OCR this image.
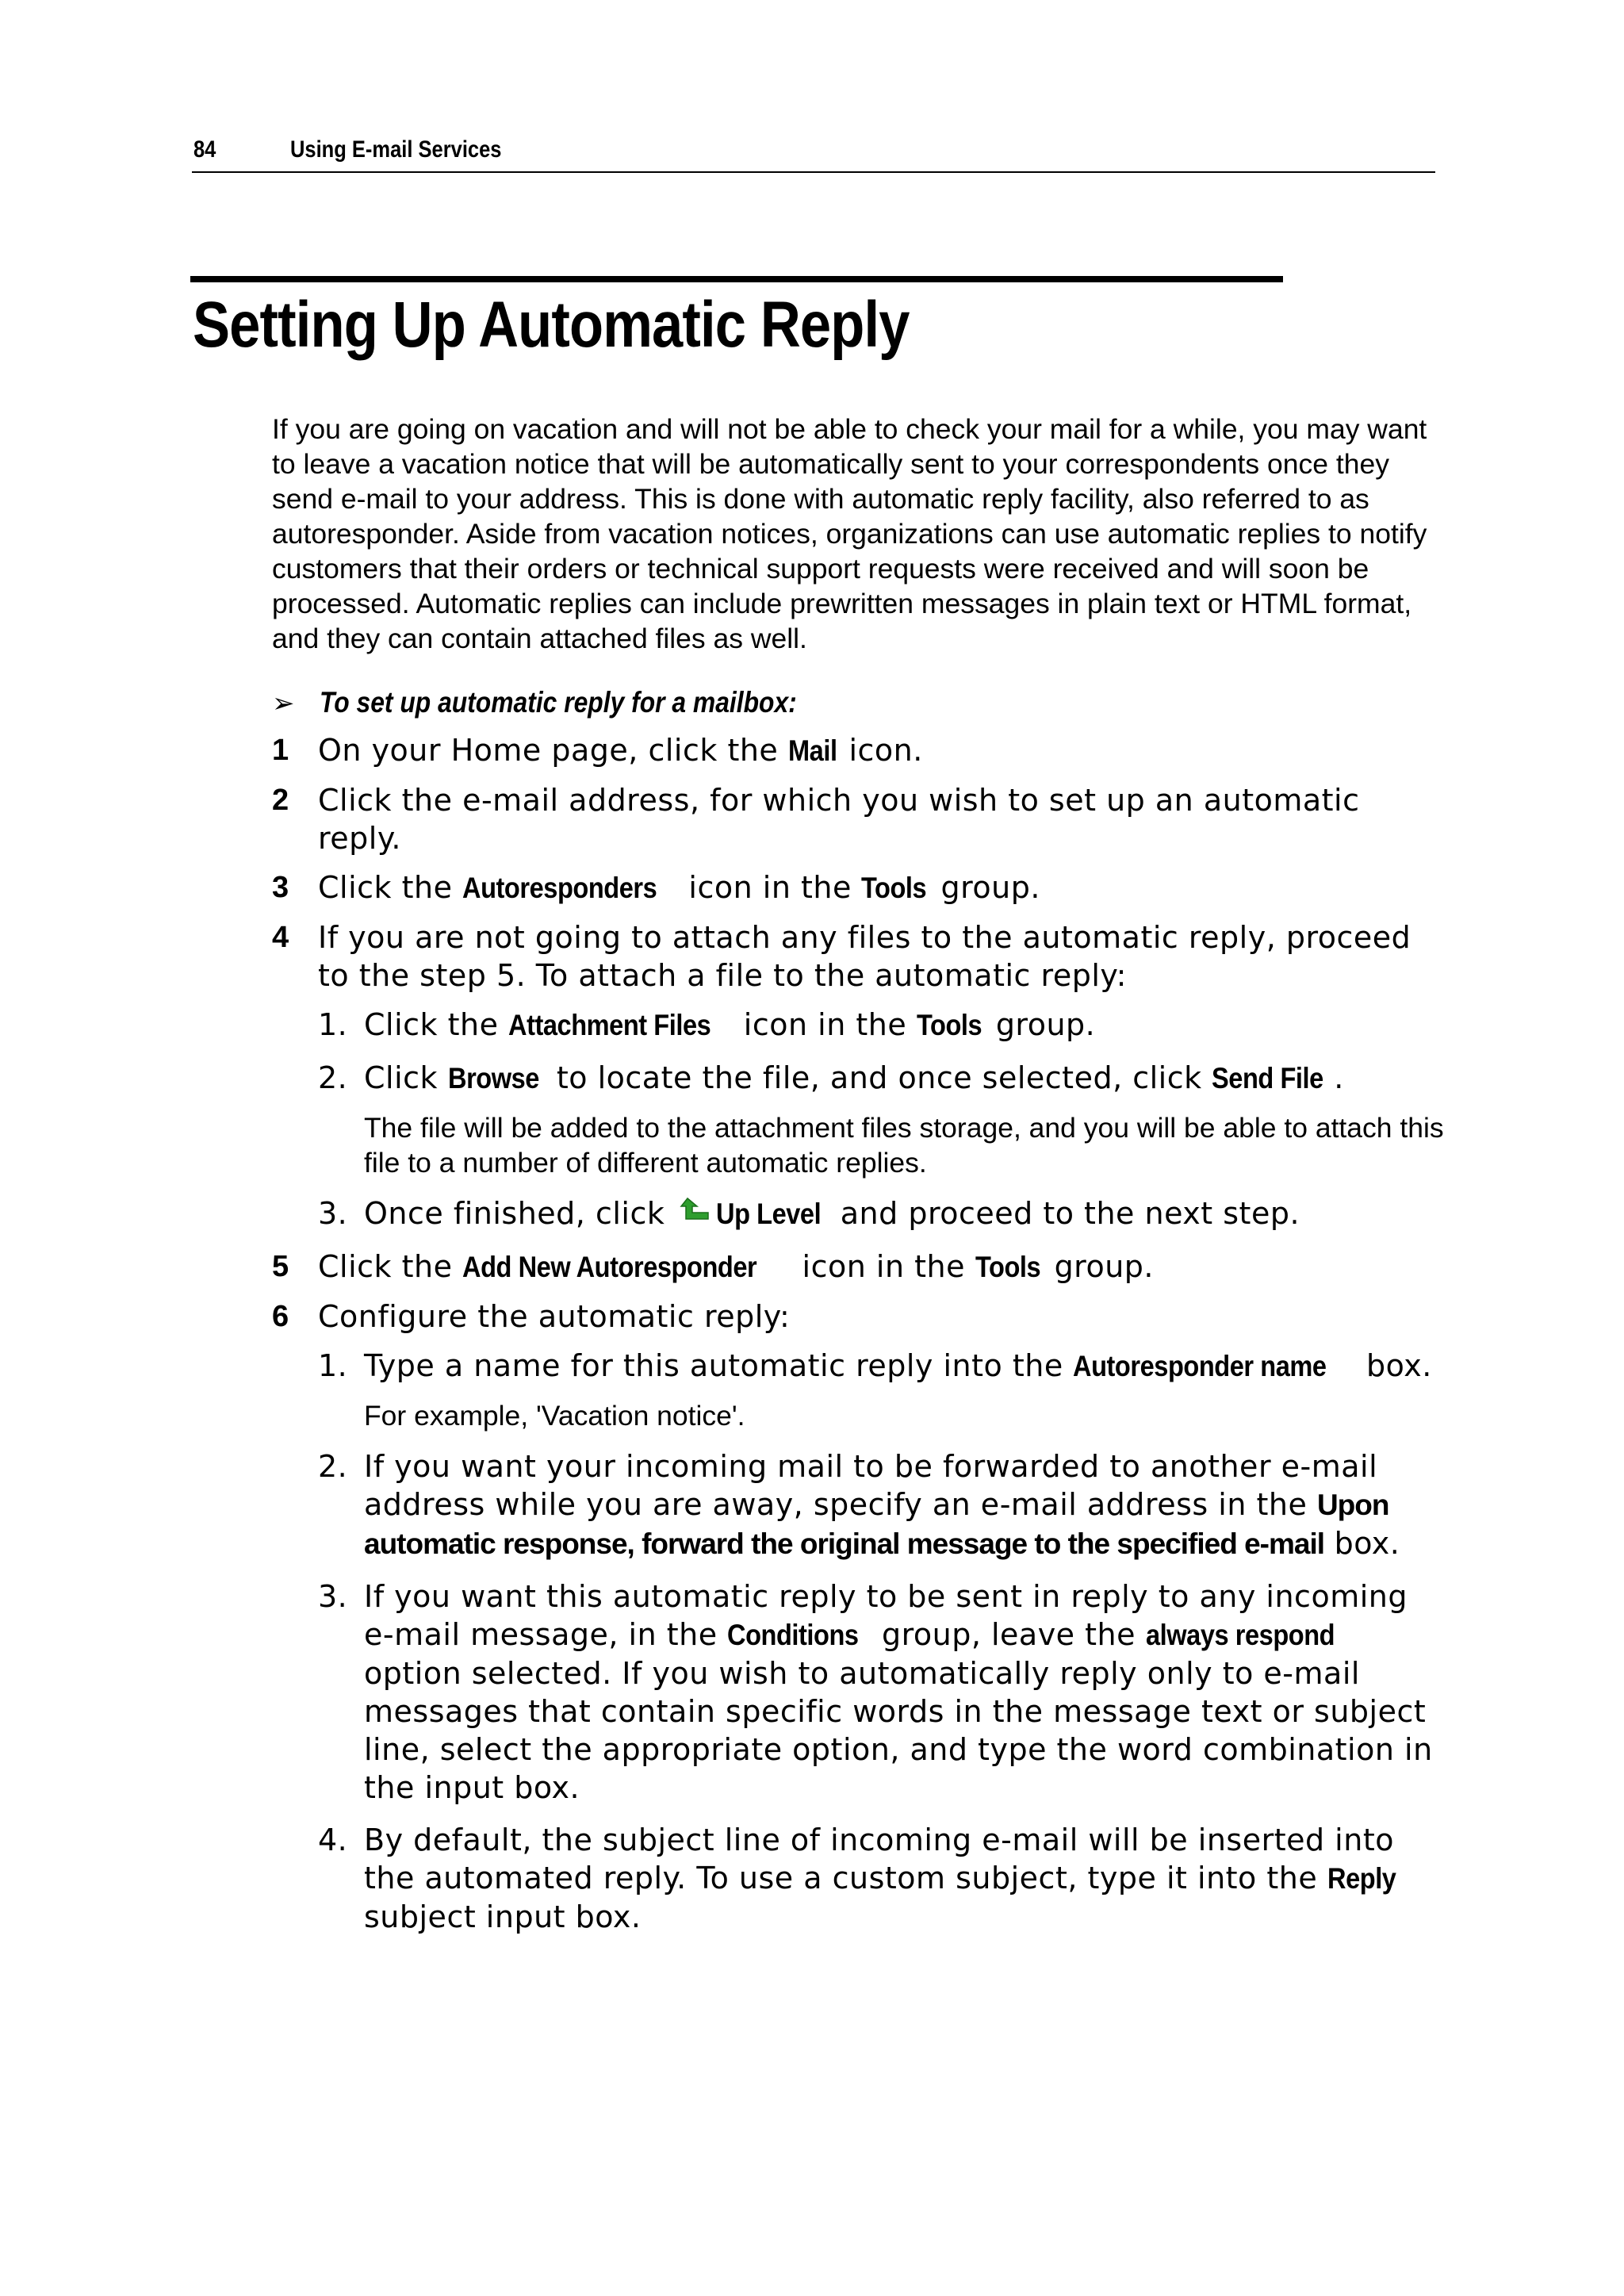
84	Using E-mail Services
Setting Up Automatic Reply

If you are going on vacation and will not be able to check your mail for a while, you may want to leave a vacation notice that will be automatically sent to your correspondents once they send e-mail to your address. This is done with automatic reply facility, also referred to as autoresponder. Aside from vacation notices, organizations can use automatic replies to notify customers that their orders or technical support requests were received and will soon be processed. Automatic replies can include prewritten messages in plain text or HTML format, and they can contain attached files as well.

➢ To set up automatic reply for a mailbox:
1 On your Home page, click the Mail icon.
2 Click the e-mail address, for which you wish to set up an automatic reply.
3 Click the Autoresponders icon in the Tools group.
4 If you are not going to attach any files to the automatic reply, proceed to the step 5. To attach a file to the automatic reply:
1. Click the Attachment Files icon in the Tools group.
2. Click Browse to locate the file, and once selected, click Send File .
The file will be added to the attachment files storage, and you will be able to attach this file to a number of different automatic replies.
3. Once finished, click Up Level and proceed to the next step.
5 Click the Add New Autoresponder icon in the Tools group.
6 Configure the automatic reply:
1. Type a name for this automatic reply into the Autoresponder name box.
For example, 'Vacation notice'.
2. If you want your incoming mail to be forwarded to another e-mail address while you are away, specify an e-mail address in the Upon automatic response, forward the original message to the specified e-mail box.
3. If you want this automatic reply to be sent in reply to any incoming e-mail message, in the Conditions group, leave the always respond option selected. If you wish to automatically reply only to e-mail messages that contain specific words in the message text or subject line, select the appropriate option, and type the word combination in the input box.
4. By default, the subject line of incoming e-mail will be inserted into the automated reply. To use a custom subject, type it into the Reply subject input box.
